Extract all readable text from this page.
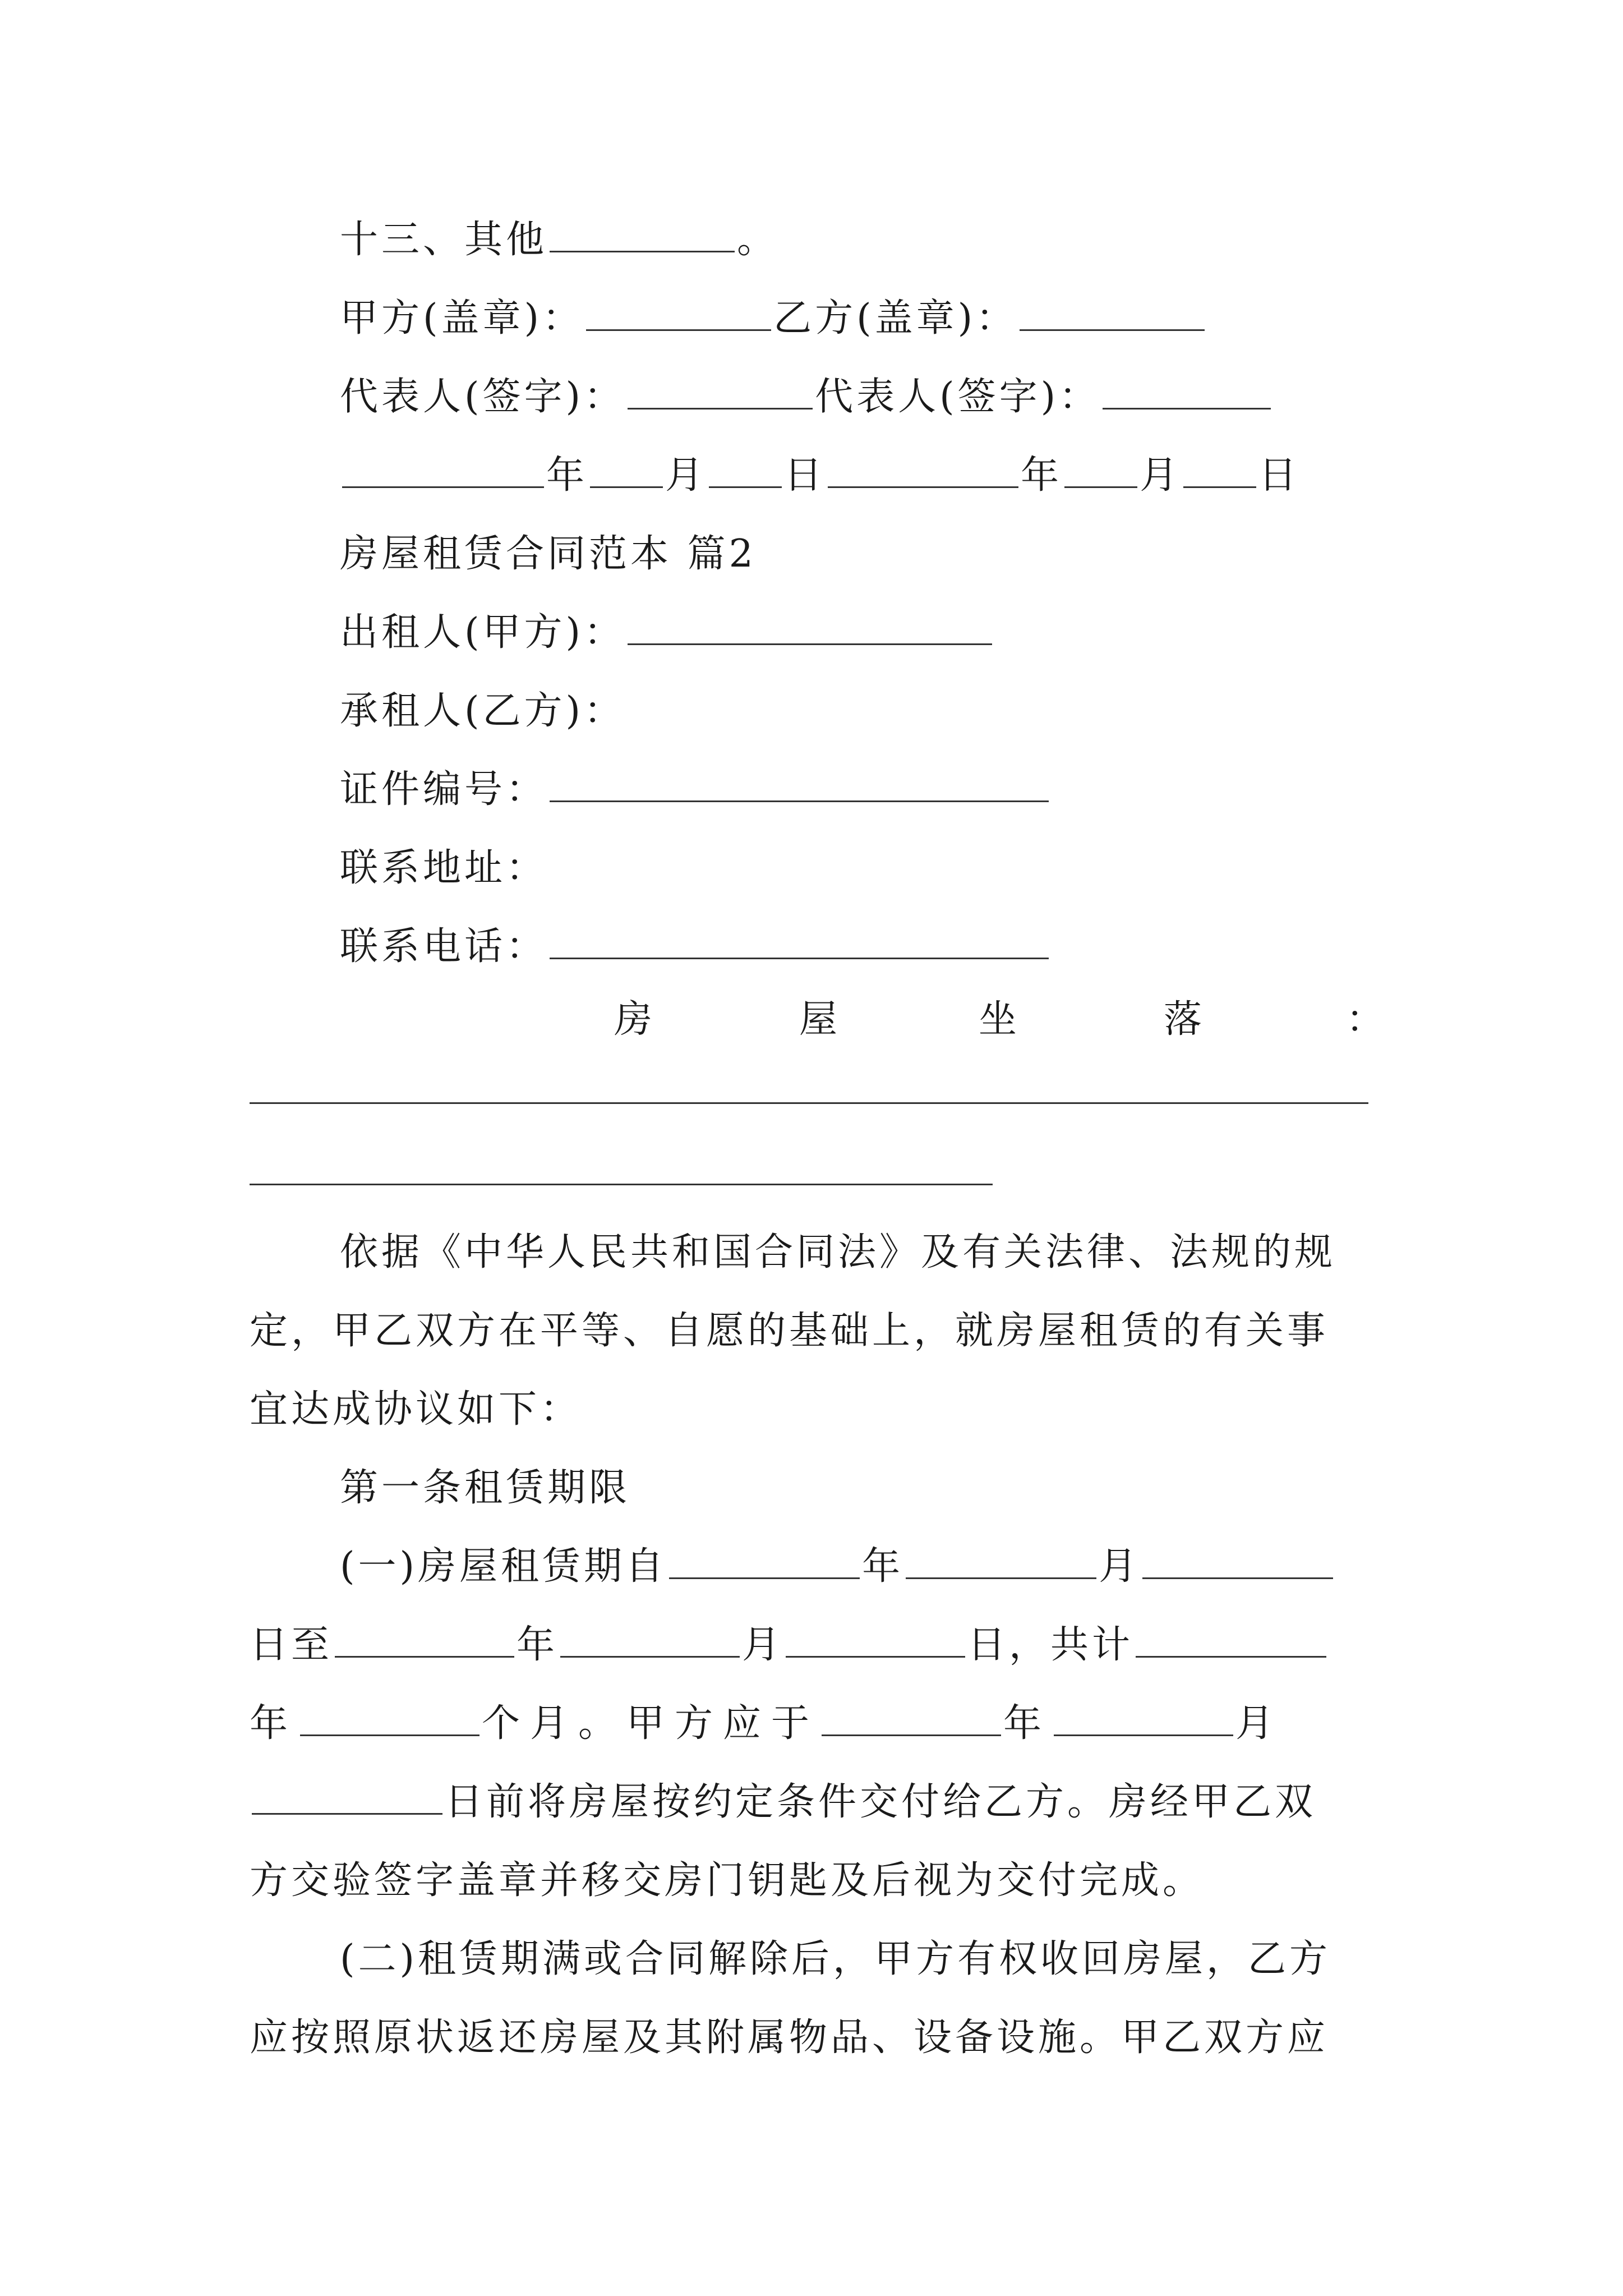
十三、其他	。
甲方(盖章)：	乙方(盖章)：
代表人(签字)：	代表人(签字)：
年 月 日	年 月 日
房屋租赁合同范本 篇2
出租人(甲方)：
承租人(乙方)：
证件编号：
联系地址：
联系电话：
房	屋	坐	落	：
依据《中华人民共和国合同法》及有关法律、法规的规
定，甲乙双方在平等、自愿的基础上，就房屋租赁的有关事
宜达成协议如下：
第一条租赁期限
(一)房屋租赁期自	年	月
日至	年	月	日，共计
年	个月。甲方应于	年	月
日前将房屋按约定条件交付给乙方。房经甲乙双
方交验签字盖章并移交房门钥匙及后视为交付完成。
(二)租赁期满或合同解除后，甲方有权收回房屋，乙方
应按照原状返还房屋及其附属物品、设备设施。甲乙双方应
